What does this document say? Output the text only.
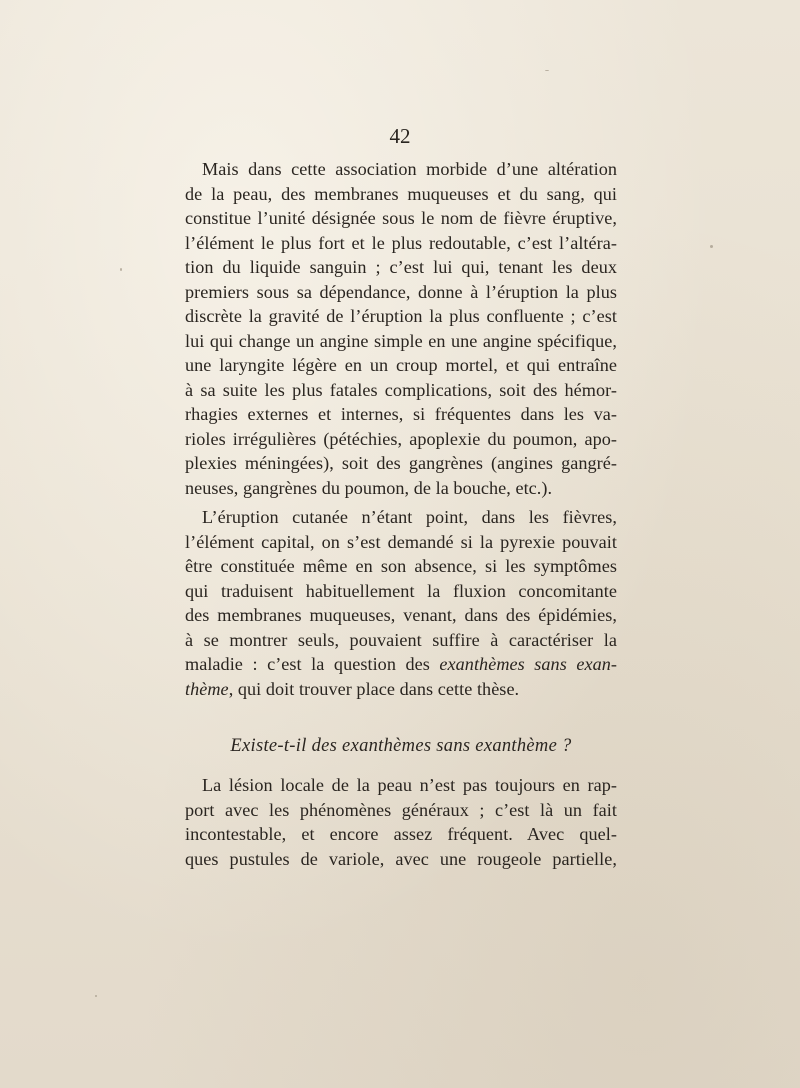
42
Mais dans cette association morbide d’une altération
de la peau, des membranes muqueuses et du sang, qui
constitue l’unité désignée sous le nom de fièvre éruptive,
l’élément le plus fort et le plus redoutable, c’est l’altéra-
tion du liquide sanguin ; c’est lui qui, tenant les deux
premiers sous sa dépendance, donne à l’éruption la plus
discrète la gravité de l’éruption la plus confluente ; c’est
lui qui change un angine simple en une angine spécifique,
une laryngite légère en un croup mortel, et qui entraîne
à sa suite les plus fatales complications, soit des hémor-
rhagies externes et internes, si fréquentes dans les va-
rioles irrégulières (pétéchies, apoplexie du poumon, apo-
plexies méningées), soit des gangrènes (angines gangré-
neuses, gangrènes du poumon, de la bouche, etc.).
L’éruption cutanée n’étant point, dans les fièvres,
l’élément capital, on s’est demandé si la pyrexie pouvait
être constituée même en son absence, si les symptômes
qui traduisent habituellement la fluxion concomitante
des membranes muqueuses, venant, dans des épidémies,
à se montrer seuls, pouvaient suffire à caractériser la
maladie : c’est la question des exanthèmes sans exan-
thème, qui doit trouver place dans cette thèse.
Existe-t-il des exanthèmes sans exanthème ?
La lésion locale de la peau n’est pas toujours en rap-
port avec les phénomènes généraux ; c’est là un fait
incontestable, et encore assez fréquent. Avec quel-
ques pustules de variole, avec une rougeole partielle,
